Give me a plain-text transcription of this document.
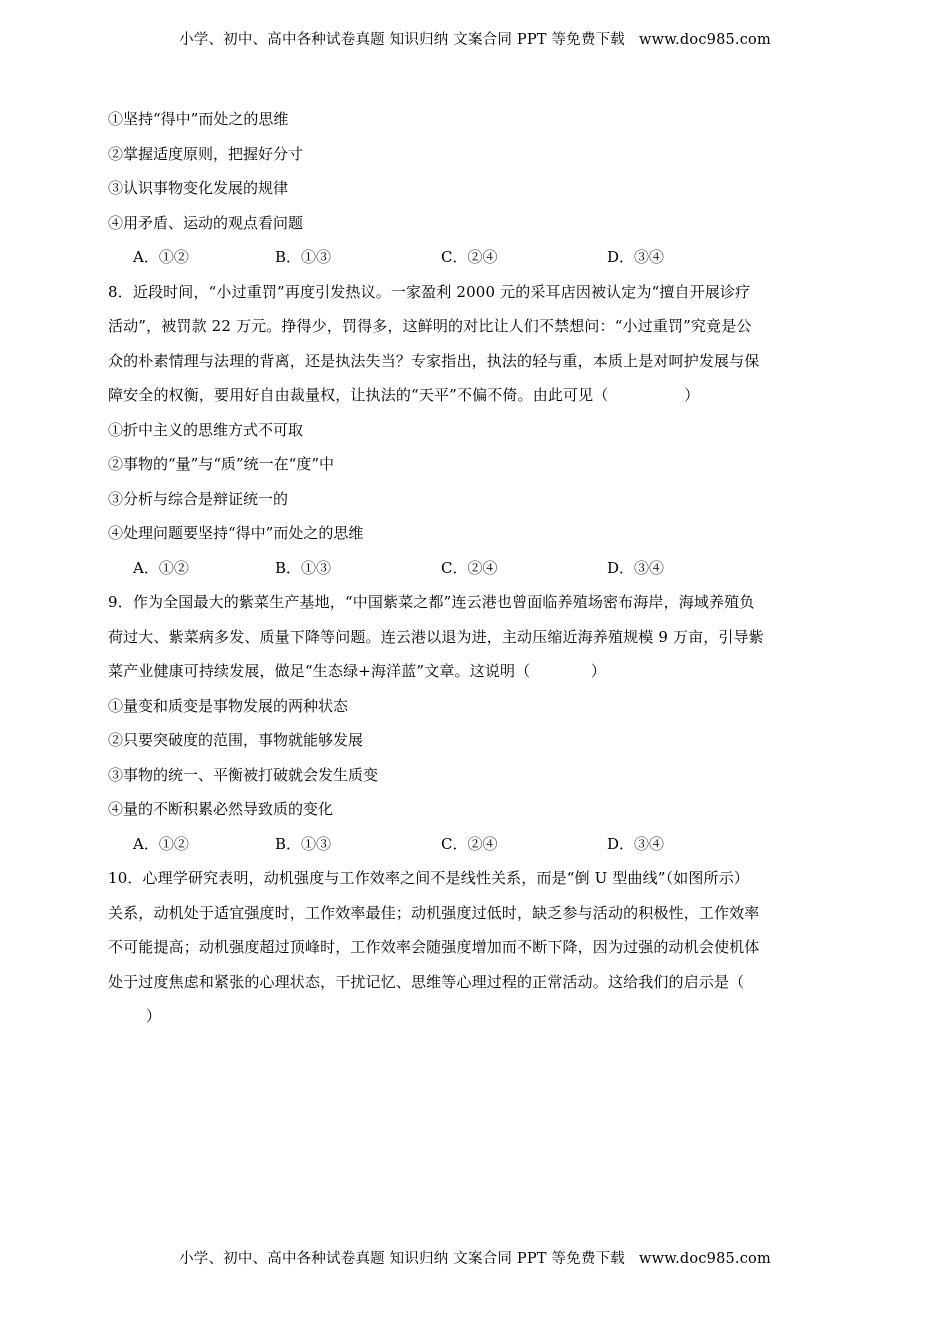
小学、初中、高中各种试卷真题 知识归纳 文案合同 PPT 等免费下载 www.doc985.com
①坚持“得中”而处之的思维
②掌握适度原则，把握好分寸
③认识事物变化发展的规律
④用矛盾、运动的观点看问题
A．①②	B．①③	C．②④	D．③④
8．近段时间，“小过重罚”再度引发热议。一家盈利 2000 元的采耳店因被认定为“擅自开展诊疗
活动”，被罚款 22 万元。挣得少，罚得多，这鲜明的对比让人们不禁想问：“小过重罚”究竟是公
众的朴素情理与法理的背离，还是执法失当？专家指出，执法的轻与重，本质上是对呵护发展与保
障安全的权衡，要用好自由裁量权，让执法的“天平”不偏不倚。由此可见（　　　　　）
①折中主义的思维方式不可取
②事物的“量”与“质”统一在“度”中
③分析与综合是辩证统一的
④处理问题要坚持“得中”而处之的思维
A．①②	B．①③	C．②④	D．③④
9．作为全国最大的紫菜生产基地，“中国紫菜之都”连云港也曾面临养殖场密布海岸，海域养殖负
荷过大、紫菜病多发、质量下降等问题。连云港以退为进，主动压缩近海养殖规模 9 万亩，引导紫
菜产业健康可持续发展，做足“生态绿+海洋蓝”文章。这说明（　　　　）
①量变和质变是事物发展的两种状态
②只要突破度的范围，事物就能够发展
③事物的统一、平衡被打破就会发生质变
④量的不断积累必然导致质的变化
A．①②	B．①③	C．②④	D．③④
10．心理学研究表明，动机强度与工作效率之间不是线性关系，而是“倒 U 型曲线”（如图所示）
关系，动机处于适宜强度时，工作效率最佳；动机强度过低时，缺乏参与活动的积极性，工作效率
不可能提高；动机强度超过顶峰时，工作效率会随强度增加而不断下降，因为过强的动机会使机体
处于过度焦虑和紧张的心理状态，干扰记忆、思维等心理过程的正常活动。这给我们的启示是（
）
小学、初中、高中各种试卷真题 知识归纳 文案合同 PPT 等免费下载 www.doc985.com
